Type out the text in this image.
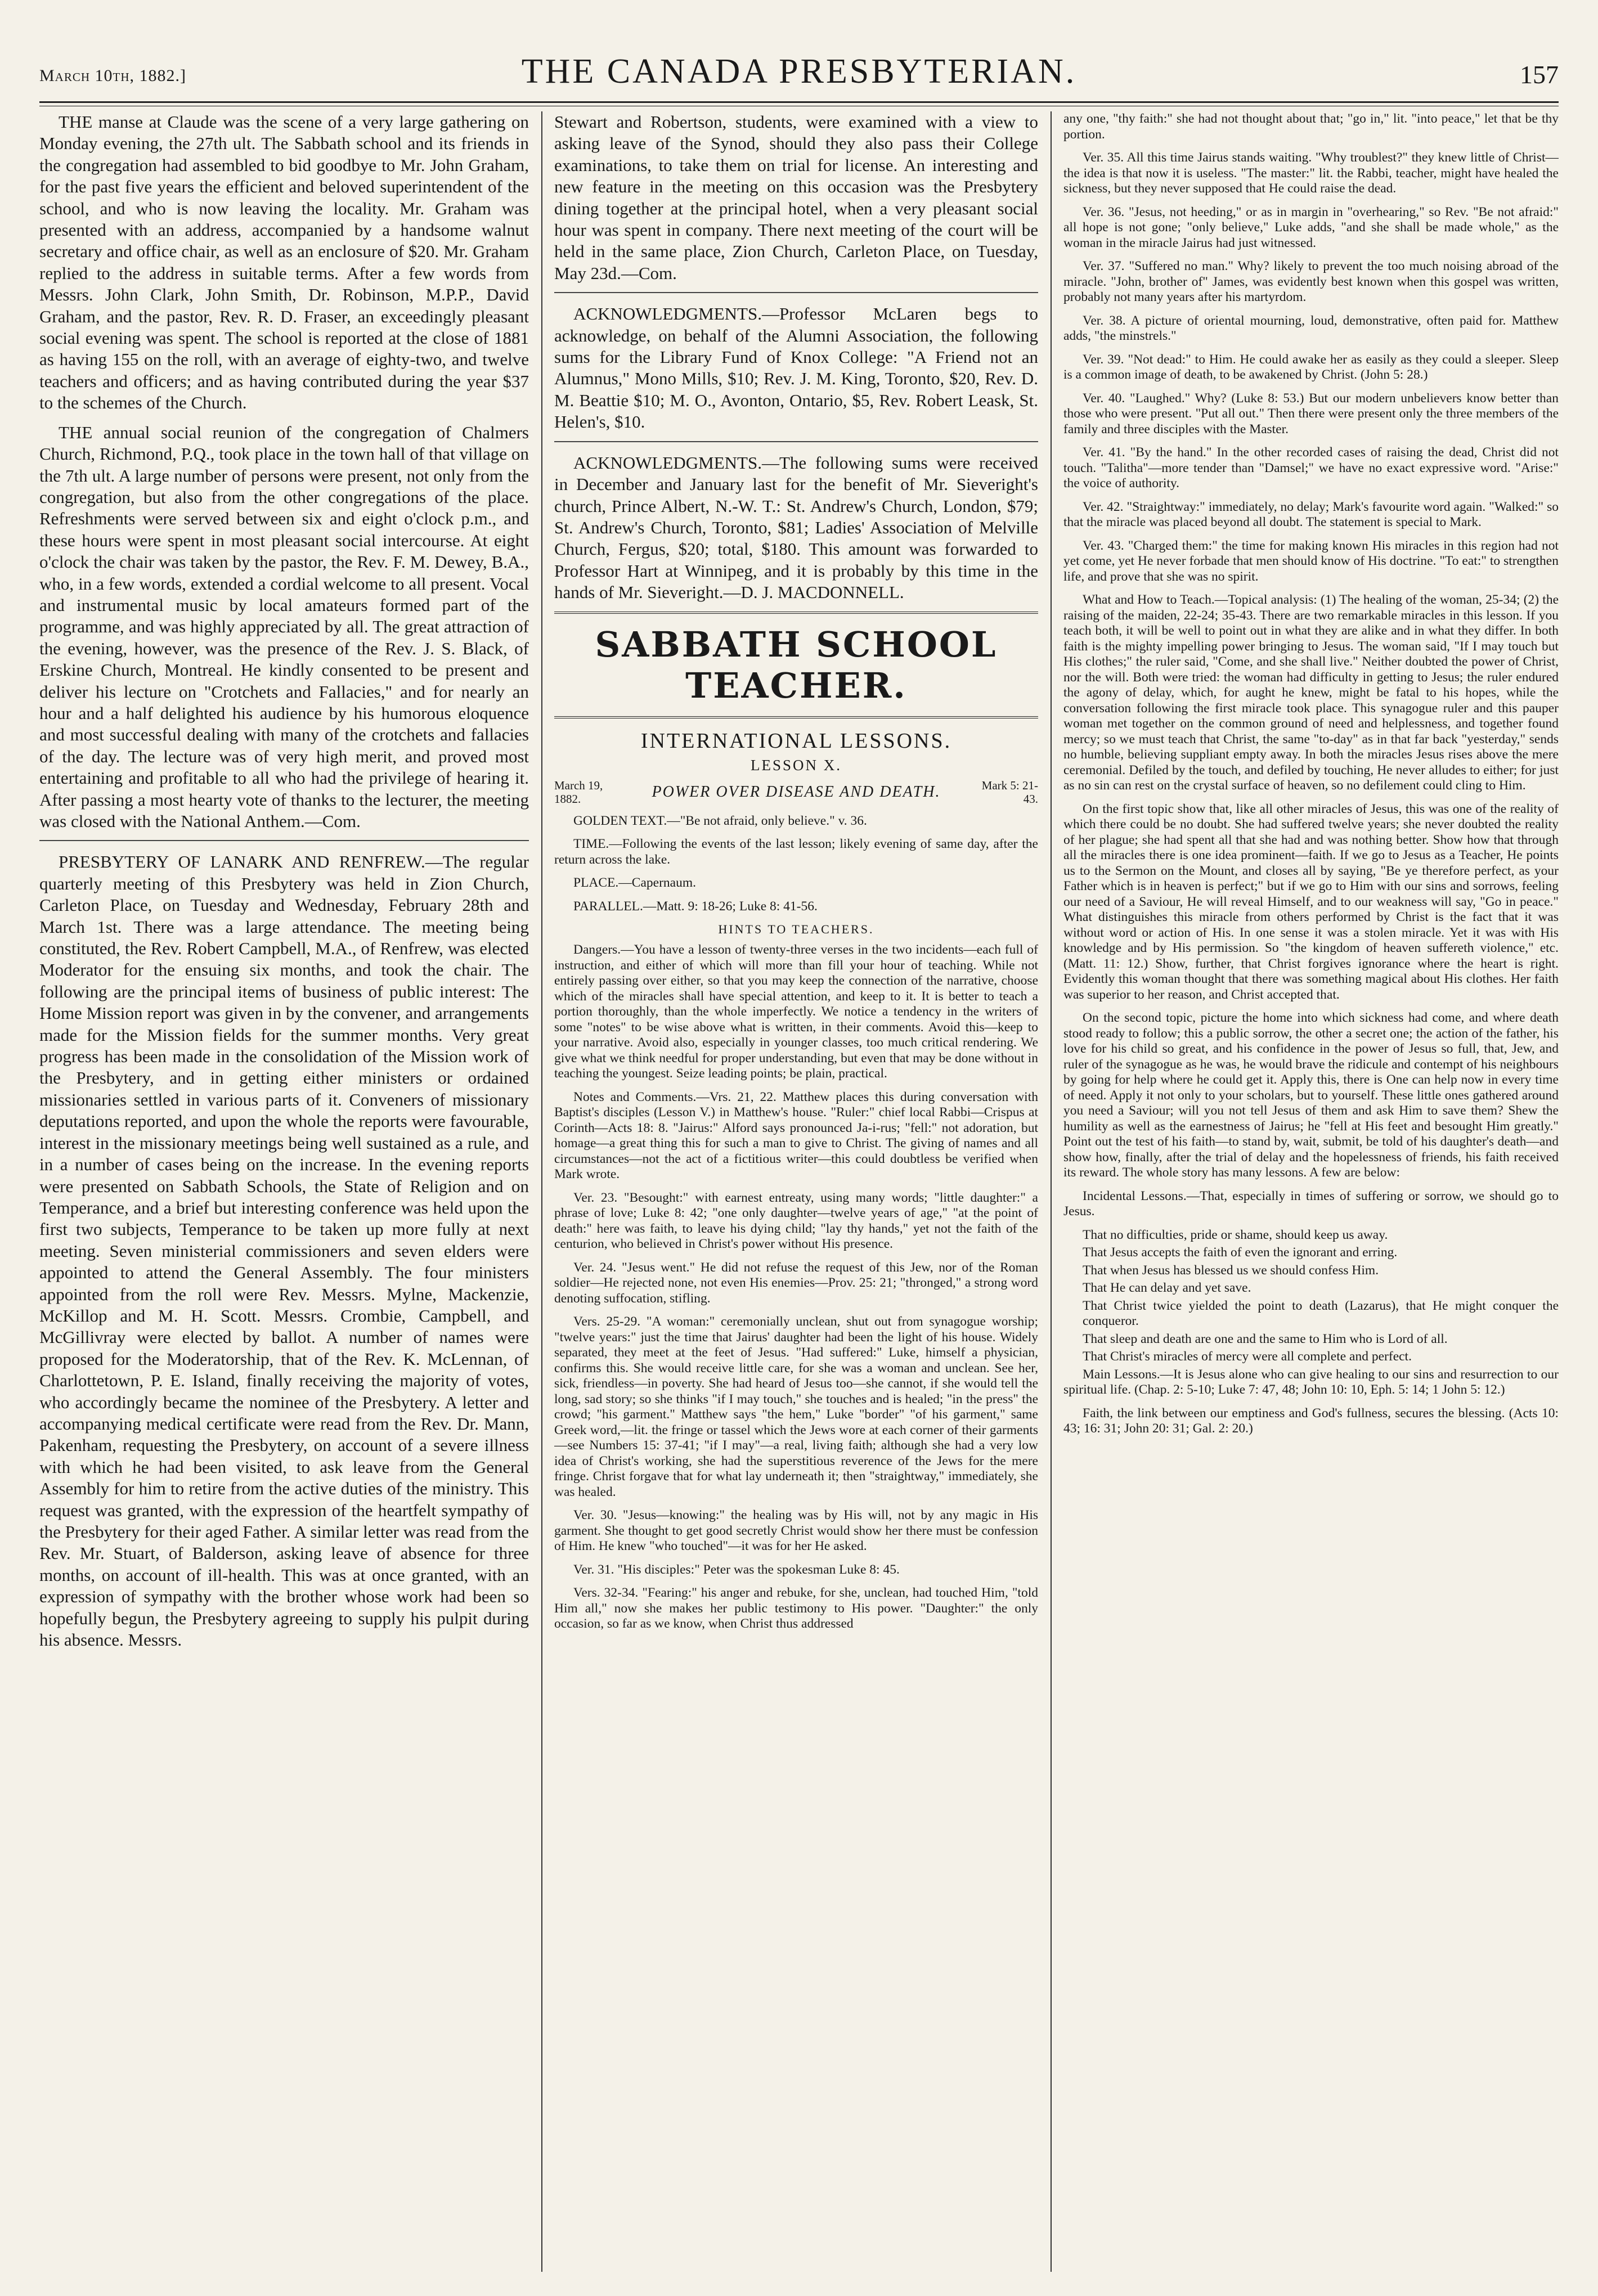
March 10th, 1882.]	THE CANADA PRESBYTERIAN.	157

THE manse at Claude was the scene of a very large gathering on Monday evening, the 27th ult. The Sabbath school and its friends in the congregation had assembled to bid goodbye to Mr. John Graham, for the past five years the efficient and beloved superintendent of the school, and who is now leaving the locality. Mr. Graham was presented with an address, accompanied by a handsome walnut secretary and office chair, as well as an enclosure of $20. Mr. Graham replied to the address in suitable terms. After a few words from Messrs. John Clark, John Smith, Dr. Robinson, M.P.P., David Graham, and the pastor, Rev. R. D. Fraser, an exceedingly pleasant social evening was spent. The school is reported at the close of 1881 as having 155 on the roll, with an average of eighty-two, and twelve teachers and officers; and as having contributed during the year $37 to the schemes of the Church.

THE annual social reunion of the congregation of Chalmers Church, Richmond, P.Q., took place in the town hall of that village on the 7th ult. A large number of persons were present, not only from the congregation, but also from the other congregations of the place. Refreshments were served between six and eight o'clock p.m., and these hours were spent in most pleasant social intercourse. At eight o'clock the chair was taken by the pastor, the Rev. F. M. Dewey, B.A., who, in a few words, extended a cordial welcome to all present. Vocal and instrumental music by local amateurs formed part of the programme, and was highly appreciated by all. The great attraction of the evening, however, was the presence of the Rev. J. S. Black, of Erskine Church, Montreal. He kindly consented to be present and deliver his lecture on "Crotchets and Fallacies," and for nearly an hour and a half delighted his audience by his humorous eloquence and most successful dealing with many of the crotchets and fallacies of the day. The lecture was of very high merit, and proved most entertaining and profitable to all who had the privilege of hearing it. After passing a most hearty vote of thanks to the lecturer, the meeting was closed with the National Anthem.—Com.

PRESBYTERY OF LANARK AND RENFREW.—The regular quarterly meeting of this Presbytery was held in Zion Church, Carleton Place, on Tuesday and Wednesday, February 28th and March 1st. There was a large attendance. The meeting being constituted, the Rev. Robert Campbell, M.A., of Renfrew, was elected Moderator for the ensuing six months, and took the chair. The following are the principal items of business of public interest: The Home Mission report was given in by the convener, and arrangements made for the Mission fields for the summer months. Very great progress has been made in the consolidation of the Mission work of the Presbytery, and in getting either ministers or ordained missionaries settled in various parts of it. Conveners of missionary deputations reported, and upon the whole the reports were favourable, interest in the missionary meetings being well sustained as a rule, and in a number of cases being on the increase. In the evening reports were presented on Sabbath Schools, the State of Religion and on Temperance, and a brief but interesting conference was held upon the first two subjects, Temperance to be taken up more fully at next meeting. Seven ministerial commissioners and seven elders were appointed to attend the General Assembly. The four ministers appointed from the roll were Rev. Messrs. Mylne, Mackenzie, McKillop and M. H. Scott. Messrs. Crombie, Campbell, and McGillivray were elected by ballot. A number of names were proposed for the Moderatorship, that of the Rev. K. McLennan, of Charlottetown, P. E. Island, finally receiving the majority of votes, who accordingly became the nominee of the Presbytery. A letter and accompanying medical certificate were read from the Rev. Dr. Mann, Pakenham, requesting the Presbytery, on account of a severe illness with which he had been visited, to ask leave from the General Assembly for him to retire from the active duties of the ministry. This request was granted, with the expression of the heartfelt sympathy of the Presbytery for their aged Father. A similar letter was read from the Rev. Mr. Stuart, of Balderson, asking leave of absence for three months, on account of ill-health. This was at once granted, with an expression of sympathy with the brother whose work had been so hopefully begun, the Presbytery agreeing to supply his pulpit during his absence. Messrs.

Stewart and Robertson, students, were examined with a view to asking leave of the Synod, should they also pass their College examinations, to take them on trial for license. An interesting and new feature in the meeting on this occasion was the Presbytery dining together at the principal hotel, when a very pleasant social hour was spent in company. There next meeting of the court will be held in the same place, Zion Church, Carleton Place, on Tuesday, May 23d.—Com.

ACKNOWLEDGMENTS.—Professor McLaren begs to acknowledge, on behalf of the Alumni Association, the following sums for the Library Fund of Knox College: "A Friend not an Alumnus," Mono Mills, $10; Rev. J. M. King, Toronto, $20, Rev. D. M. Beattie $10; M. O., Avonton, Ontario, $5, Rev. Robert Leask, St. Helen's, $10.

ACKNOWLEDGMENTS.—The following sums were received in December and January last for the benefit of Mr. Sieveright's church, Prince Albert, N.-W. T.: St. Andrew's Church, London, $79; St. Andrew's Church, Toronto, $81; Ladies' Association of Melville Church, Fergus, $20; total, $180. This amount was forwarded to Professor Hart at Winnipeg, and it is probably by this time in the hands of Mr. Sieveright.—D. J. MACDONNELL.

SABBATH SCHOOL TEACHER.
INTERNATIONAL LESSONS.
LESSON X.
March 19, 1882.	POWER OVER DISEASE AND DEATH.	Mark 5: 21-43.

GOLDEN TEXT.—"Be not afraid, only believe." v. 36.

TIME.—Following the events of the last lesson; likely evening of same day, after the return across the lake.

PLACE.—Capernaum.

PARALLEL.—Matt. 9: 18-26; Luke 8: 41-56.

HINTS TO TEACHERS.

Dangers.—You have a lesson of twenty-three verses in the two incidents—each full of instruction, and either of which will more than fill your hour of teaching. While not entirely passing over either, so that you may keep the connection of the narrative, choose which of the miracles shall have special attention, and keep to it. It is better to teach a portion thoroughly, than the whole imperfectly. We notice a tendency in the writers of some "notes" to be wise above what is written, in their comments. Avoid this—keep to your narrative. Avoid also, especially in younger classes, too much critical rendering. We give what we think needful for proper understanding, but even that may be done without in teaching the youngest. Seize leading points; be plain, practical.

Notes and Comments.—Vrs. 21, 22. Matthew places this during conversation with Baptist's disciples (Lesson V.) in Matthew's house. "Ruler:" chief local Rabbi—Crispus at Corinth—Acts 18: 8. "Jairus:" Alford says pronounced Ja-i-rus; "fell:" not adoration, but homage—a great thing this for such a man to give to Christ. The giving of names and all circumstances—not the act of a fictitious writer—this could doubtless be verified when Mark wrote.

Ver. 23. "Besought:" with earnest entreaty, using many words; "little daughter:" a phrase of love; Luke 8: 42; "one only daughter—twelve years of age," "at the point of death:" here was faith, to leave his dying child; "lay thy hands," yet not the faith of the centurion, who believed in Christ's power without His presence.

Ver. 24. "Jesus went." He did not refuse the request of this Jew, nor of the Roman soldier—He rejected none, not even His enemies—Prov. 25: 21; "thronged," a strong word denoting suffocation, stifling.

Vers. 25-29. "A woman:" ceremonially unclean, shut out from synagogue worship; "twelve years:" just the time that Jairus' daughter had been the light of his house. Widely separated, they meet at the feet of Jesus. "Had suffered:" Luke, himself a physician, confirms this. She would receive little care, for she was a woman and unclean. See her, sick, friendless—in poverty. She had heard of Jesus too—she cannot, if she would tell the long, sad story; so she thinks "if I may touch," she touches and is healed; "in the press" the crowd; "his garment." Matthew says "the hem," Luke "border" "of his garment," same Greek word,—lit. the fringe or tassel which the Jews wore at each corner of their garments—see Numbers 15: 37-41; "if I may"—a real, living faith; although she had a very low idea of Christ's working, she had the superstitious reverence of the Jews for the mere fringe. Christ forgave that for what lay underneath it; then "straightway," immediately, she was healed.

Ver. 30. "Jesus—knowing:" the healing was by His will, not by any magic in His garment. She thought to get good secretly Christ would show her there must be confession of Him. He knew "who touched"—it was for her He asked.

Ver. 31. "His disciples:" Peter was the spokesman Luke 8: 45.

Vers. 32-34. "Fearing:" his anger and rebuke, for she, unclean, had touched Him, "told Him all," now she makes her public testimony to His power. "Daughter:" the only occasion, so far as we know, when Christ thus addressed

any one, "thy faith:" she had not thought about that; "go in," lit. "into peace," let that be thy portion.

Ver. 35. All this time Jairus stands waiting. "Why troublest?" they knew little of Christ—the idea is that now it is useless. "The master:" lit. the Rabbi, teacher, might have healed the sickness, but they never supposed that He could raise the dead.

Ver. 36. "Jesus, not heeding," or as in margin in "overhearing," so Rev. "Be not afraid:" all hope is not gone; "only believe," Luke adds, "and she shall be made whole," as the woman in the miracle Jairus had just witnessed.

Ver. 37. "Suffered no man." Why? likely to prevent the too much noising abroad of the miracle. "John, brother of" James, was evidently best known when this gospel was written, probably not many years after his martyrdom.

Ver. 38. A picture of oriental mourning, loud, demonstrative, often paid for. Matthew adds, "the minstrels."

Ver. 39. "Not dead:" to Him. He could awake her as easily as they could a sleeper. Sleep is a common image of death, to be awakened by Christ. (John 5: 28.)

Ver. 40. "Laughed." Why? (Luke 8: 53.) But our modern unbelievers know better than those who were present. "Put all out." Then there were present only the three members of the family and three disciples with the Master.

Ver. 41. "By the hand." In the other recorded cases of raising the dead, Christ did not touch. "Talitha"—more tender than "Damsel;" we have no exact expressive word. "Arise:" the voice of authority.

Ver. 42. "Straightway:" immediately, no delay; Mark's favourite word again. "Walked:" so that the miracle was placed beyond all doubt. The statement is special to Mark.

Ver. 43. "Charged them:" the time for making known His miracles in this region had not yet come, yet He never forbade that men should know of His doctrine. "To eat:" to strengthen life, and prove that she was no spirit.

What and How to Teach.—Topical analysis: (1) The healing of the woman, 25-34; (2) the raising of the maiden, 22-24; 35-43. There are two remarkable miracles in this lesson. If you teach both, it will be well to point out in what they are alike and in what they differ. In both faith is the mighty impelling power bringing to Jesus. The woman said, "If I may touch but His clothes;" the ruler said, "Come, and she shall live." Neither doubted the power of Christ, nor the will. Both were tried: the woman had difficulty in getting to Jesus; the ruler endured the agony of delay, which, for aught he knew, might be fatal to his hopes, while the conversation following the first miracle took place. This synagogue ruler and this pauper woman met together on the common ground of need and helplessness, and together found mercy; so we must teach that Christ, the same "to-day" as in that far back "yesterday," sends no humble, believing suppliant empty away. In both the miracles Jesus rises above the mere ceremonial. Defiled by the touch, and defiled by touching, He never alludes to either; for just as no sin can rest on the crystal surface of heaven, so no defilement could cling to Him.

On the first topic show that, like all other miracles of Jesus, this was one of the reality of which there could be no doubt. She had suffered twelve years; she never doubted the reality of her plague; she had spent all that she had and was nothing better. Show how that through all the miracles there is one idea prominent—faith. If we go to Jesus as a Teacher, He points us to the Sermon on the Mount, and closes all by saying, "Be ye therefore perfect, as your Father which is in heaven is perfect;" but if we go to Him with our sins and sorrows, feeling our need of a Saviour, He will reveal Himself, and to our weakness will say, "Go in peace." What distinguishes this miracle from others performed by Christ is the fact that it was without word or action of His. In one sense it was a stolen miracle. Yet it was with His knowledge and by His permission. So "the kingdom of heaven suffereth violence," etc. (Matt. 11: 12.) Show, further, that Christ forgives ignorance where the heart is right. Evidently this woman thought that there was something magical about His clothes. Her faith was superior to her reason, and Christ accepted that.

On the second topic, picture the home into which sickness had come, and where death stood ready to follow; this a public sorrow, the other a secret one; the action of the father, his love for his child so great, and his confidence in the power of Jesus so full, that, Jew, and ruler of the synagogue as he was, he would brave the ridicule and contempt of his neighbours by going for help where he could get it. Apply this, there is One can help now in every time of need. Apply it not only to your scholars, but to yourself. These little ones gathered around you need a Saviour; will you not tell Jesus of them and ask Him to save them? Shew the humility as well as the earnestness of Jairus; he "fell at His feet and besought Him greatly." Point out the test of his faith—to stand by, wait, submit, be told of his daughter's death—and show how, finally, after the trial of delay and the hopelessness of friends, his faith received its reward. The whole story has many lessons. A few are below:

Incidental Lessons.—That, especially in times of suffering or sorrow, we should go to Jesus.

That no difficulties, pride or shame, should keep us away.

That Jesus accepts the faith of even the ignorant and erring.

That when Jesus has blessed us we should confess Him.

That He can delay and yet save.

That Christ twice yielded the point to death (Lazarus), that He might conquer the conqueror.

That sleep and death are one and the same to Him who is Lord of all.

That Christ's miracles of mercy were all complete and perfect.

Main Lessons.—It is Jesus alone who can give healing to our sins and resurrection to our spiritual life. (Chap. 2: 5-10; Luke 7: 47, 48; John 10: 10, Eph. 5: 14; 1 John 5: 12.)

Faith, the link between our emptiness and God's fullness, secures the blessing. (Acts 10: 43; 16: 31; John 20: 31; Gal. 2: 20.)
